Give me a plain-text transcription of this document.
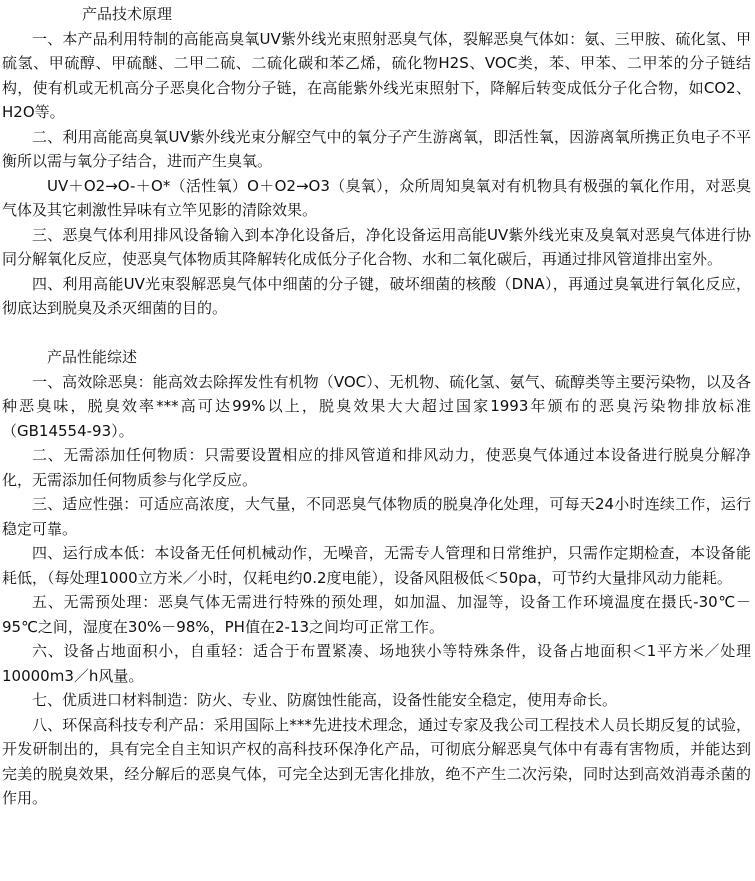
产品技术原理

一、本产品利用特制的高能高臭氧UV紫外线光束照射恶臭气体，裂解恶臭气体如：氨、三甲胺、硫化氢、甲硫氢、甲硫醇、甲硫醚、二甲二硫、二硫化碳和苯乙烯，硫化物H2S、VOC类，苯、甲苯、二甲苯的分子链结构，使有机或无机高分子恶臭化合物分子链，在高能紫外线光束照射下，降解后转变成低分子化合物，如CO2、H2O等。

二、利用高能高臭氧UV紫外线光束分解空气中的氧分子产生游离氧，即活性氧，因游离氧所携正负电子不平衡所以需与氧分子结合，进而产生臭氧。

UV＋O2→O-＋O*（活性氧）O＋O2→O3（臭氧），众所周知臭氧对有机物具有极强的氧化作用，对恶臭气体及其它刺激性异味有立竿见影的清除效果。

三、恶臭气体利用排风设备输入到本净化设备后，净化设备运用高能UV紫外线光束及臭氧对恶臭气体进行协同分解氧化反应，使恶臭气体物质其降解转化成低分子化合物、水和二氧化碳后，再通过排风管道排出室外。

四、利用高能UV光束裂解恶臭气体中细菌的分子键，破坏细菌的核酸（DNA），再通过臭氧进行氧化反应，彻底达到脱臭及杀灭细菌的目的。

产品性能综述

一、高效除恶臭：能高效去除挥发性有机物（VOC）、无机物、硫化氢、氨气、硫醇类等主要污染物，以及各种恶臭味，脱臭效率***高可达99%以上，脱臭效果大大超过国家1993年颁布的恶臭污染物排放标准（GB14554-93）。

二、无需添加任何物质：只需要设置相应的排风管道和排风动力，使恶臭气体通过本设备进行脱臭分解净化，无需添加任何物质参与化学反应。

三、适应性强：可适应高浓度，大气量，不同恶臭气体物质的脱臭净化处理，可每天24小时连续工作，运行稳定可靠。

四、运行成本低：本设备无任何机械动作，无噪音，无需专人管理和日常维护，只需作定期检查，本设备能耗低，（每处理1000立方米／小时，仅耗电约0.2度电能），设备风阻极低＜50pa，可节约大量排风动力能耗。

五、无需预处理：恶臭气体无需进行特殊的预处理，如加温、加湿等，设备工作环境温度在摄氏-30℃－95℃之间，湿度在30%－98%，PH值在2-13之间均可正常工作。

六、设备占地面积小，自重轻：适合于布置紧凑、场地狭小等特殊条件，设备占地面积＜1平方米／处理10000m3／h风量。

七、优质进口材料制造：防火、专业、防腐蚀性能高，设备性能安全稳定，使用寿命长。

八、环保高科技专利产品：采用国际上***先进技术理念，通过专家及我公司工程技术人员长期反复的试验，开发研制出的，具有完全自主知识产权的高科技环保净化产品，可彻底分解恶臭气体中有毒有害物质，并能达到完美的脱臭效果，经分解后的恶臭气体，可完全达到无害化排放，绝不产生二次污染，同时达到高效消毒杀菌的作用。
